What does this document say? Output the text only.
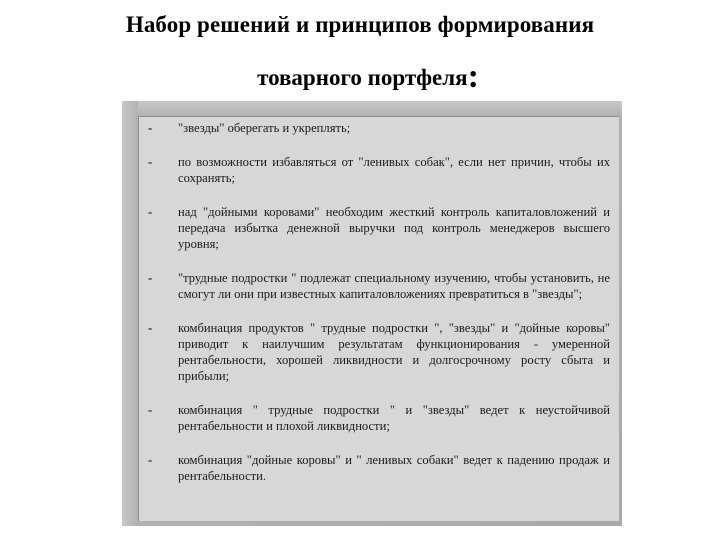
Набор решений и принципов формирования
товарного портфеля:
-	"звезды" оберегать и укреплять;
-	по возможности избавляться от "ленивых собак", если нет причин, чтобы их сохранять;
-	над "дойными коровами" необходим жесткий контроль капиталовложений и передача избытка денежной выручки под контроль менеджеров высшего уровня;
-	"трудные подростки " подлежат специальному изучению, чтобы установить, не смогут ли они при известных капиталовложениях превратиться в "звезды";
-	комбинация продуктов " трудные подростки ", "звезды" и "дойные коровы" приводит к наилучшим результатам функционирования - умеренной рентабельности, хорошей ликвидности и долгосрочному росту сбыта и прибыли;
-	комбинация " трудные подростки " и "звезды" ведет к неустойчивой рентабельности и плохой ликвидности;
-	комбинация "дойные коровы" и " ленивых собаки" ведет к падению продаж и рентабельности.
